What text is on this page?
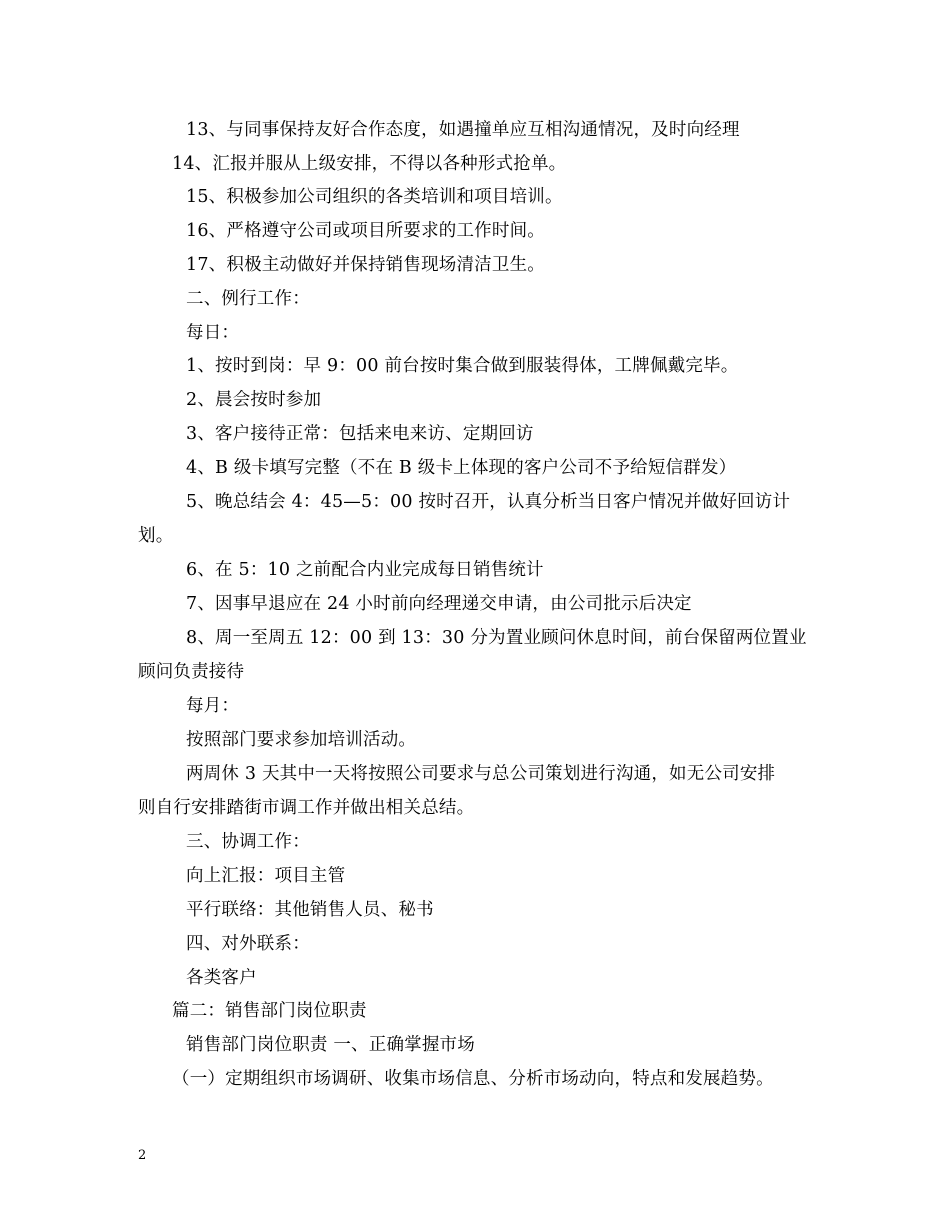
13、与同事保持友好合作态度，如遇撞单应互相沟通情况，及时向经理
14、汇报并服从上级安排，不得以各种形式抢单。
15、积极参加公司组织的各类培训和项目培训。
16、严格遵守公司或项目所要求的工作时间。
17、积极主动做好并保持销售现场清洁卫生。
二、例行工作：
每日：
1、按时到岗：早 9：00 前台按时集合做到服装得体，工牌佩戴完毕。
2、晨会按时参加
3、客户接待正常：包括来电来访、定期回访
4、B 级卡填写完整（不在 B 级卡上体现的客户公司不予给短信群发）
5、晚总结会 4：45—5：00 按时召开，认真分析当日客户情况并做好回访计
划。
6、在 5：10 之前配合内业完成每日销售统计
7、因事早退应在 24 小时前向经理递交申请，由公司批示后决定
8、周一至周五 12：00 到 13：30 分为置业顾问休息时间，前台保留两位置业
顾问负责接待
每月：
按照部门要求参加培训活动。
两周休 3 天其中一天将按照公司要求与总公司策划进行沟通，如无公司安排
则自行安排踏街市调工作并做出相关总结。
三、协调工作：
向上汇报：项目主管
平行联络：其他销售人员、秘书
四、对外联系：
各类客户
篇二：销售部门岗位职责
销售部门岗位职责 一、正确掌握市场
（一）定期组织市场调研、收集市场信息、分析市场动向，特点和发展趋势。
2
